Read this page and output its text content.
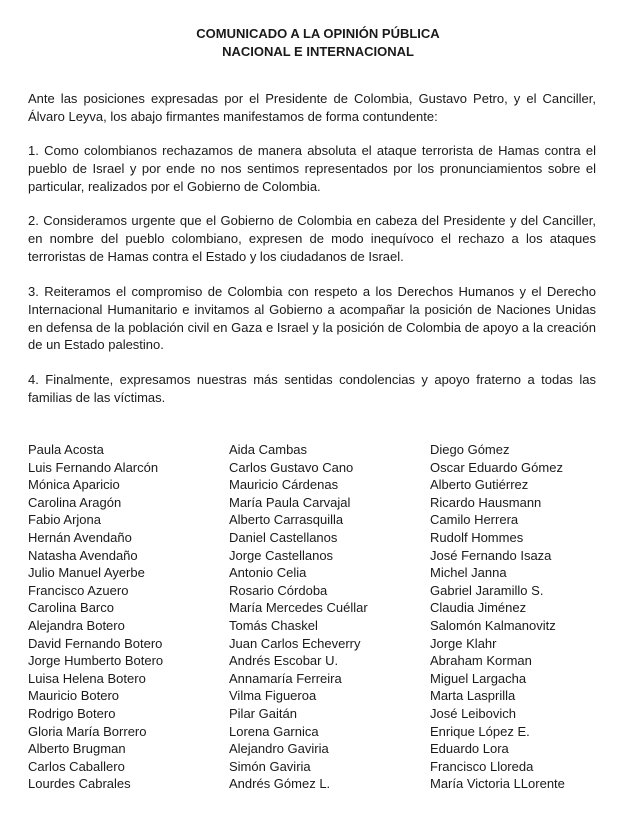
COMUNICADO A LA OPINIÓN PÚBLICA
NACIONAL E INTERNACIONAL

Ante las posiciones expresadas por el Presidente de Colombia, Gustavo Petro, y el Canciller, Álvaro Leyva, los abajo firmantes manifestamos de forma contundente:

1. Como colombianos rechazamos de manera absoluta el ataque terrorista de Hamas contra el pueblo de Israel y por ende no nos sentimos representados por los pronunciamientos sobre el particular, realizados por el Gobierno de Colombia.

2. Consideramos urgente que el Gobierno de Colombia en cabeza del Presidente y del Canciller, en nombre del pueblo colombiano, expresen de modo inequívoco el rechazo a los ataques terroristas de Hamas contra el Estado y los ciudadanos de Israel.

3. Reiteramos el compromiso de Colombia con respeto a los Derechos Humanos y el Derecho Internacional Humanitario e invitamos al Gobierno a acompañar la posición de Naciones Unidas en defensa de la población civil en Gaza e Israel y la posición de Colombia de apoyo a la creación de un Estado palestino.

4. Finalmente, expresamos nuestras más sentidas condolencias y apoyo fraterno a todas las familias de las víctimas.

Paula Acosta
Luis Fernando Alarcón
Mónica Aparicio
Carolina Aragón
Fabio Arjona
Hernán Avendaño
Natasha Avendaño
Julio Manuel Ayerbe
Francisco Azuero
Carolina Barco
Alejandra Botero
David Fernando Botero
Jorge Humberto Botero
Luisa Helena Botero
Mauricio Botero
Rodrigo Botero
Gloria María Borrero
Alberto Brugman
Carlos Caballero
Lourdes Cabrales
Aida Cambas
Carlos Gustavo Cano
Mauricio Cárdenas
María Paula Carvajal
Alberto Carrasquilla
Daniel Castellanos
Jorge Castellanos
Antonio Celia
Rosario Córdoba
María Mercedes Cuéllar
Tomás Chaskel
Juan Carlos Echeverry
Andrés Escobar U.
Annamaría Ferreira
Vilma Figueroa
Pilar Gaitán
Lorena Garnica
Alejandro Gaviria
Simón Gaviria
Andrés Gómez L.
Diego Gómez
Oscar Eduardo Gómez
Alberto Gutiérrez
Ricardo Hausmann
Camilo Herrera
Rudolf Hommes
José Fernando Isaza
Michel Janna
Gabriel Jaramillo S.
Claudia Jiménez
Salomón Kalmanovitz
Jorge Klahr
Abraham Korman
Miguel Largacha
Marta Lasprilla
José Leibovich
Enrique López E.
Eduardo Lora
Francisco Lloreda
María Victoria LLorente
